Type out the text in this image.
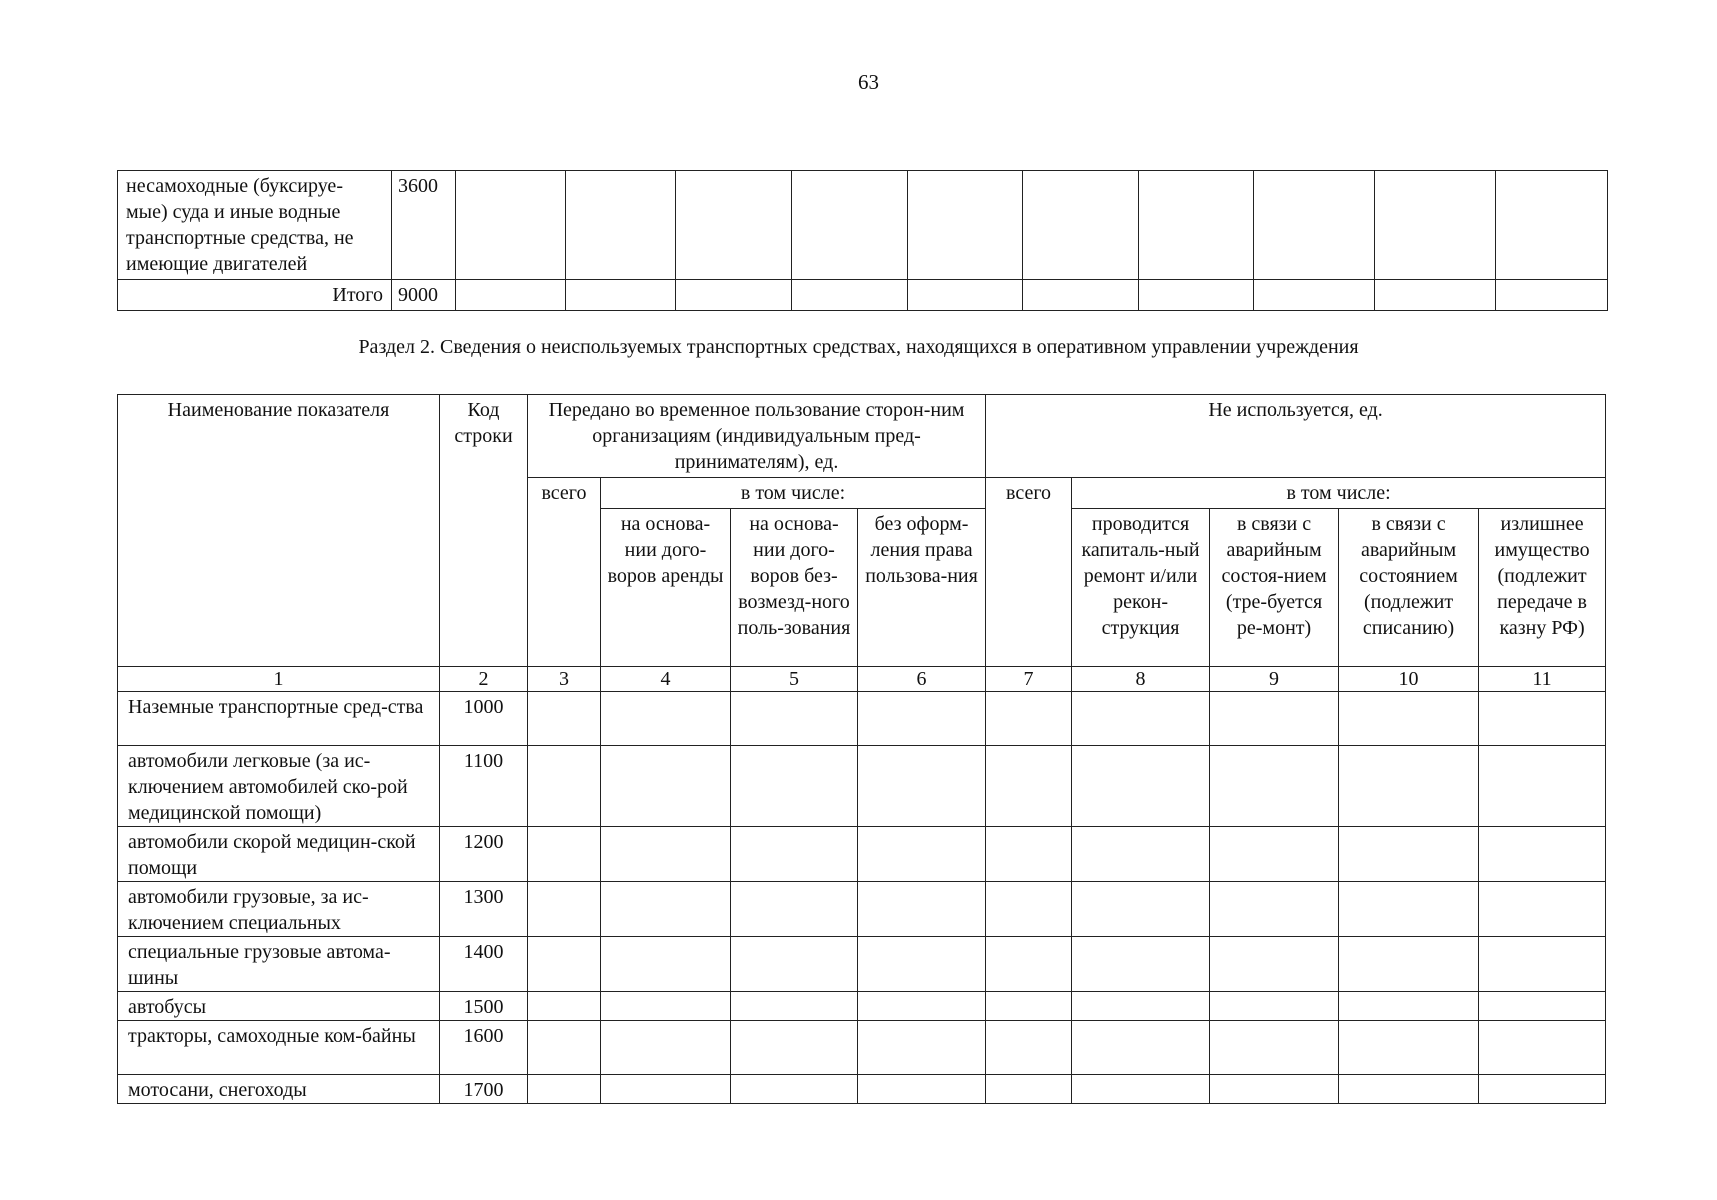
63
несамоходные (буксируе-мые) суда и иные водные транспортные средства, не имеющие двигателей	3600										
Итого	9000										
Раздел 2. Сведения о неиспользуемых транспортных средствах, находящихся в оперативном управлении учреждения
Наименование показателя	Код строки	Передано во временное пользование сторон-ним организациям (индивидуальным пред-принимателям), ед.				Не используется, ед.				
		всего	в том числе:			всего	в том числе:			
			на основа-нии дого-воров аренды	на основа-нии дого-воров без-возмезд-ного поль-зования	без оформ-ления права пользова-ния		проводится капиталь-ный ремонт и/или рекон-струкция	в связи с аварийным состоя-нием (тре-буется ре-монт)	в связи с аварийным состоянием (подлежит списанию)	излишнее имущество (подлежит передаче в казну РФ)
1	2	3	4	5	6	7	8	9	10	11
Наземные транспортные сред-ства	1000									
автомобили легковые (за ис-ключением автомобилей ско-рой медицинской помощи)	1100									
автомобили скорой медицин-ской помощи	1200									
автомобили грузовые, за ис-ключением специальных	1300									
специальные грузовые автома-шины	1400									
автобусы	1500									
тракторы, самоходные ком-байны	1600									
мотосани, снегоходы	1700									
